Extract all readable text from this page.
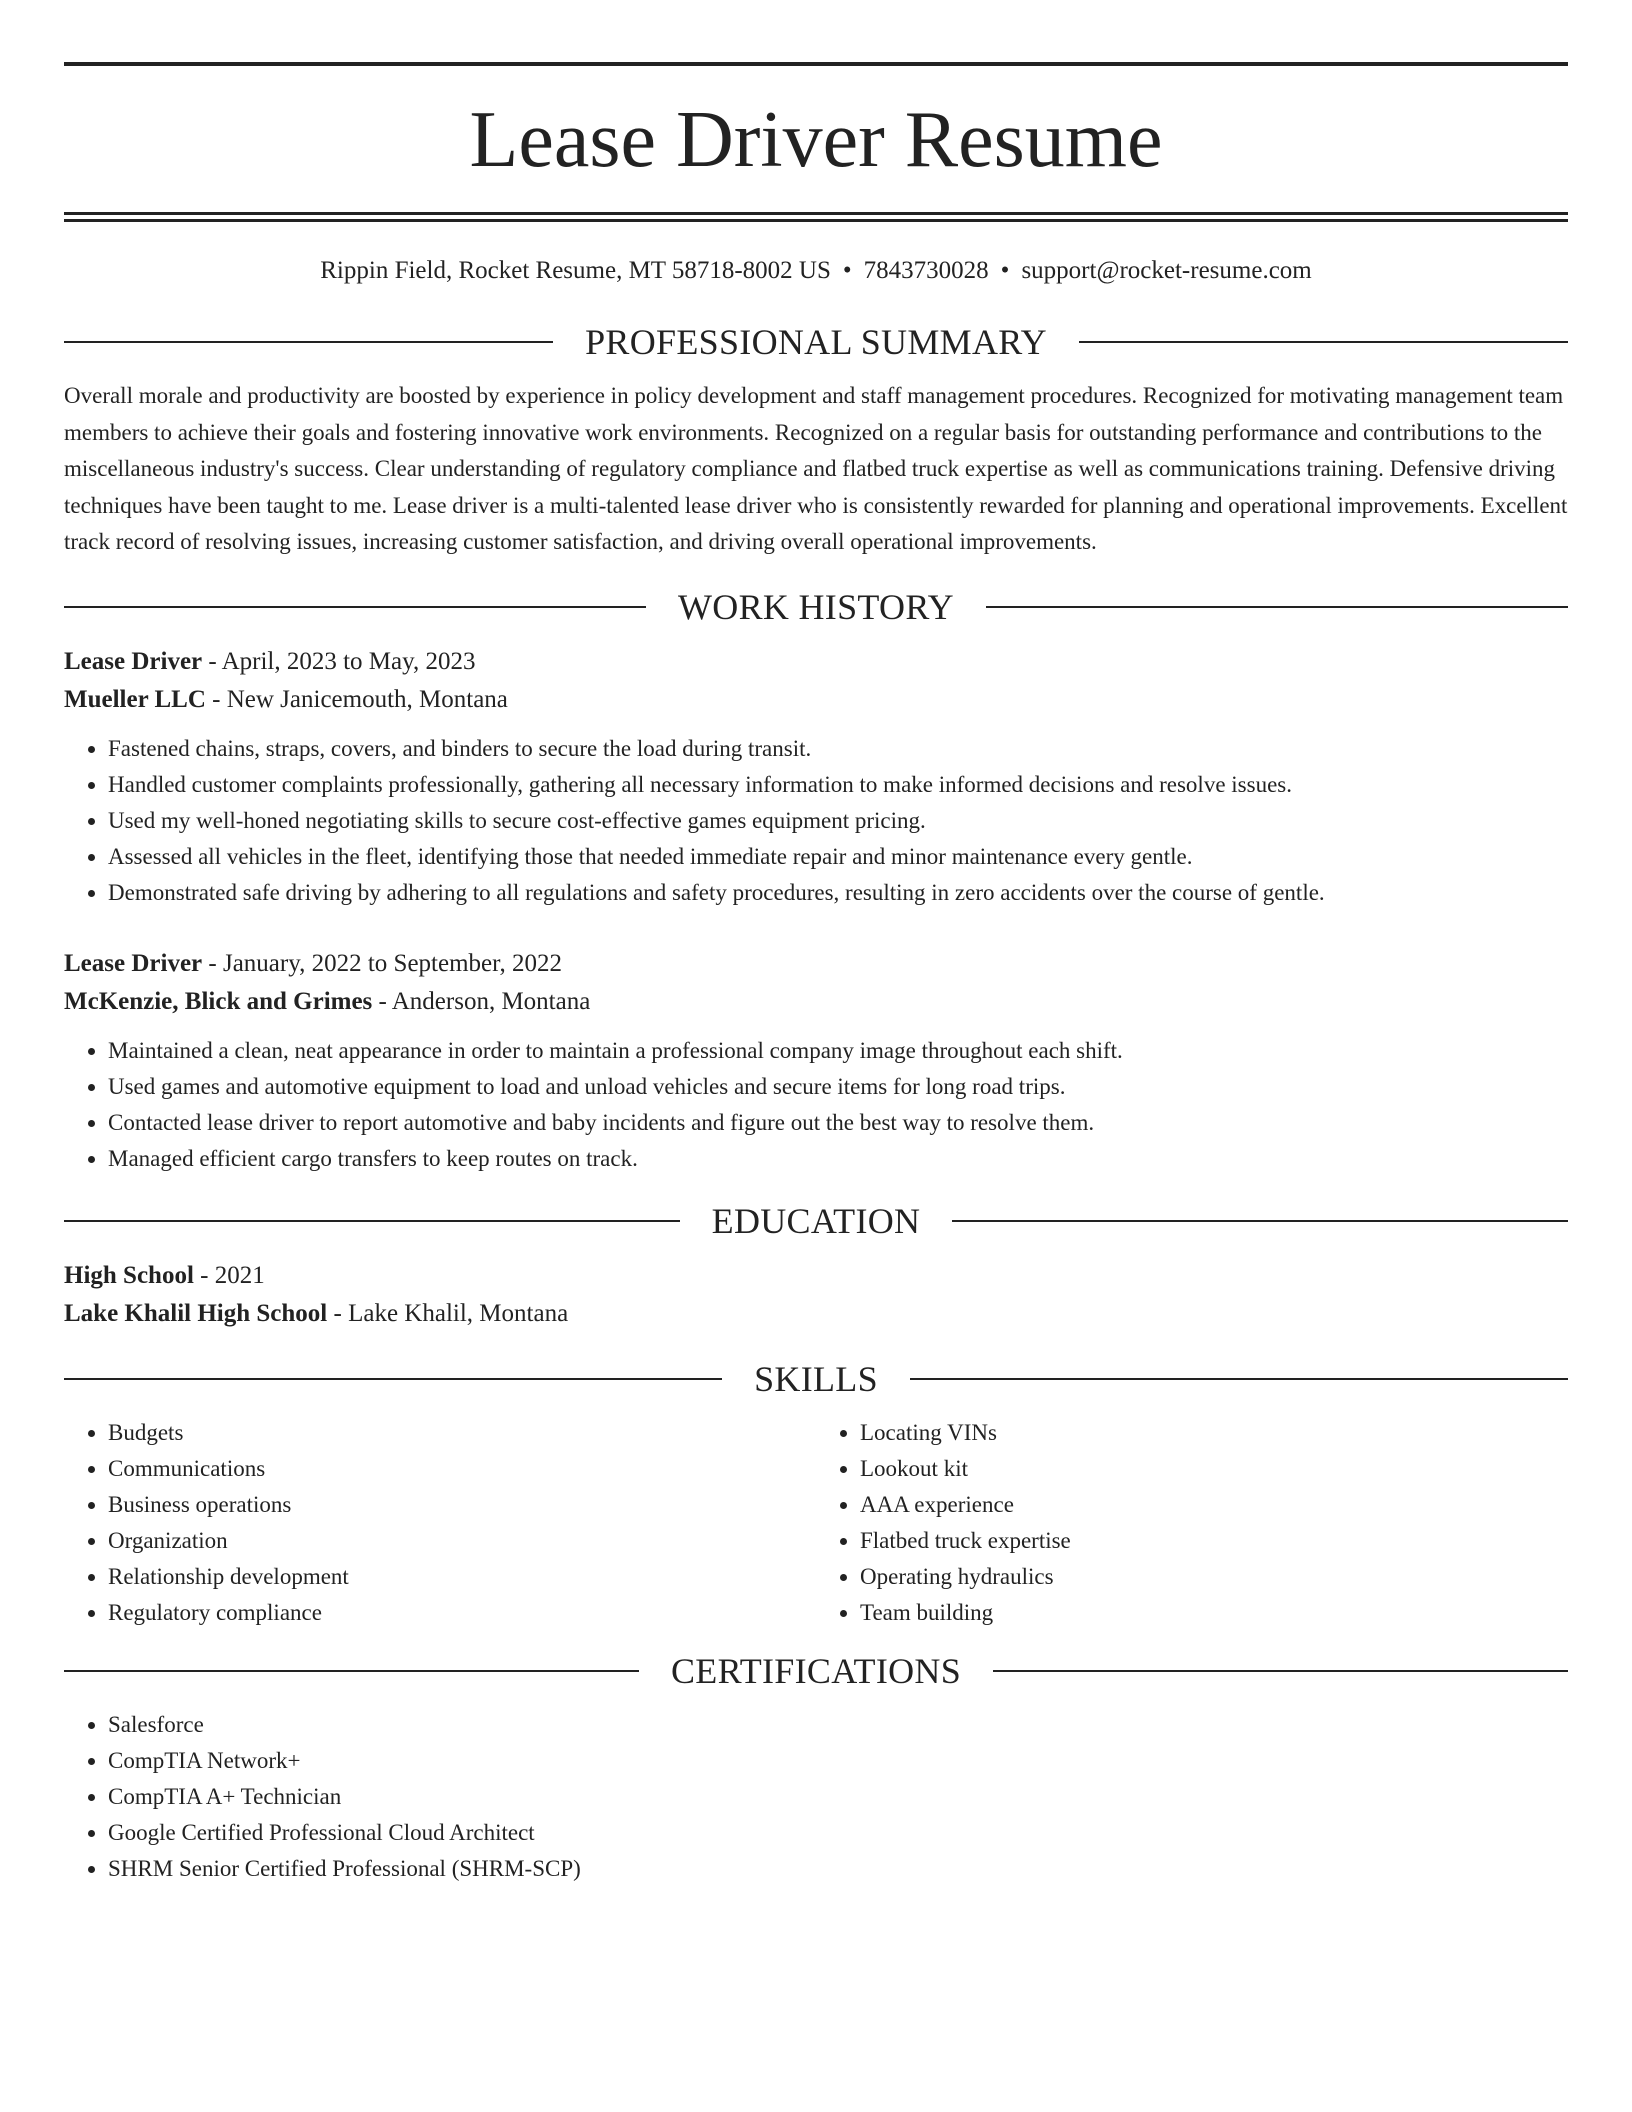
Lease Driver Resume
Rippin Field, Rocket Resume, MT 58718-8002 US • 7843730028 • support@rocket-resume.com
PROFESSIONAL SUMMARY

Overall morale and productivity are boosted by experience in policy development and staff management procedures. Recognized for motivating management team members to achieve their goals and fostering innovative work environments. Recognized on a regular basis for outstanding performance and contributions to the miscellaneous industry's success. Clear understanding of regulatory compliance and flatbed truck expertise as well as communications training. Defensive driving techniques have been taught to me. Lease driver is a multi-talented lease driver who is consistently rewarded for planning and operational improvements. Excellent track record of resolving issues, increasing customer satisfaction, and driving overall operational improvements.

WORK HISTORY
Lease Driver - April, 2023 to May, 2023
Mueller LLC - New Janicemouth, Montana
• Fastened chains, straps, covers, and binders to secure the load during transit.
• Handled customer complaints professionally, gathering all necessary information to make informed decisions and resolve issues.
• Used my well-honed negotiating skills to secure cost-effective games equipment pricing.
• Assessed all vehicles in the fleet, identifying those that needed immediate repair and minor maintenance every gentle.
• Demonstrated safe driving by adhering to all regulations and safety procedures, resulting in zero accidents over the course of gentle.
Lease Driver - January, 2022 to September, 2022
McKenzie, Blick and Grimes - Anderson, Montana
• Maintained a clean, neat appearance in order to maintain a professional company image throughout each shift.
• Used games and automotive equipment to load and unload vehicles and secure items for long road trips.
• Contacted lease driver to report automotive and baby incidents and figure out the best way to resolve them.
• Managed efficient cargo transfers to keep routes on track.
EDUCATION
High School - 2021
Lake Khalil High School - Lake Khalil, Montana
SKILLS
• Budgets
• Communications
• Business operations
• Organization
• Relationship development
• Regulatory compliance
• Locating VINs
• Lookout kit
• AAA experience
• Flatbed truck expertise
• Operating hydraulics
• Team building
CERTIFICATIONS
• Salesforce
• CompTIA Network+
• CompTIA A+ Technician
• Google Certified Professional Cloud Architect
• SHRM Senior Certified Professional (SHRM-SCP)
